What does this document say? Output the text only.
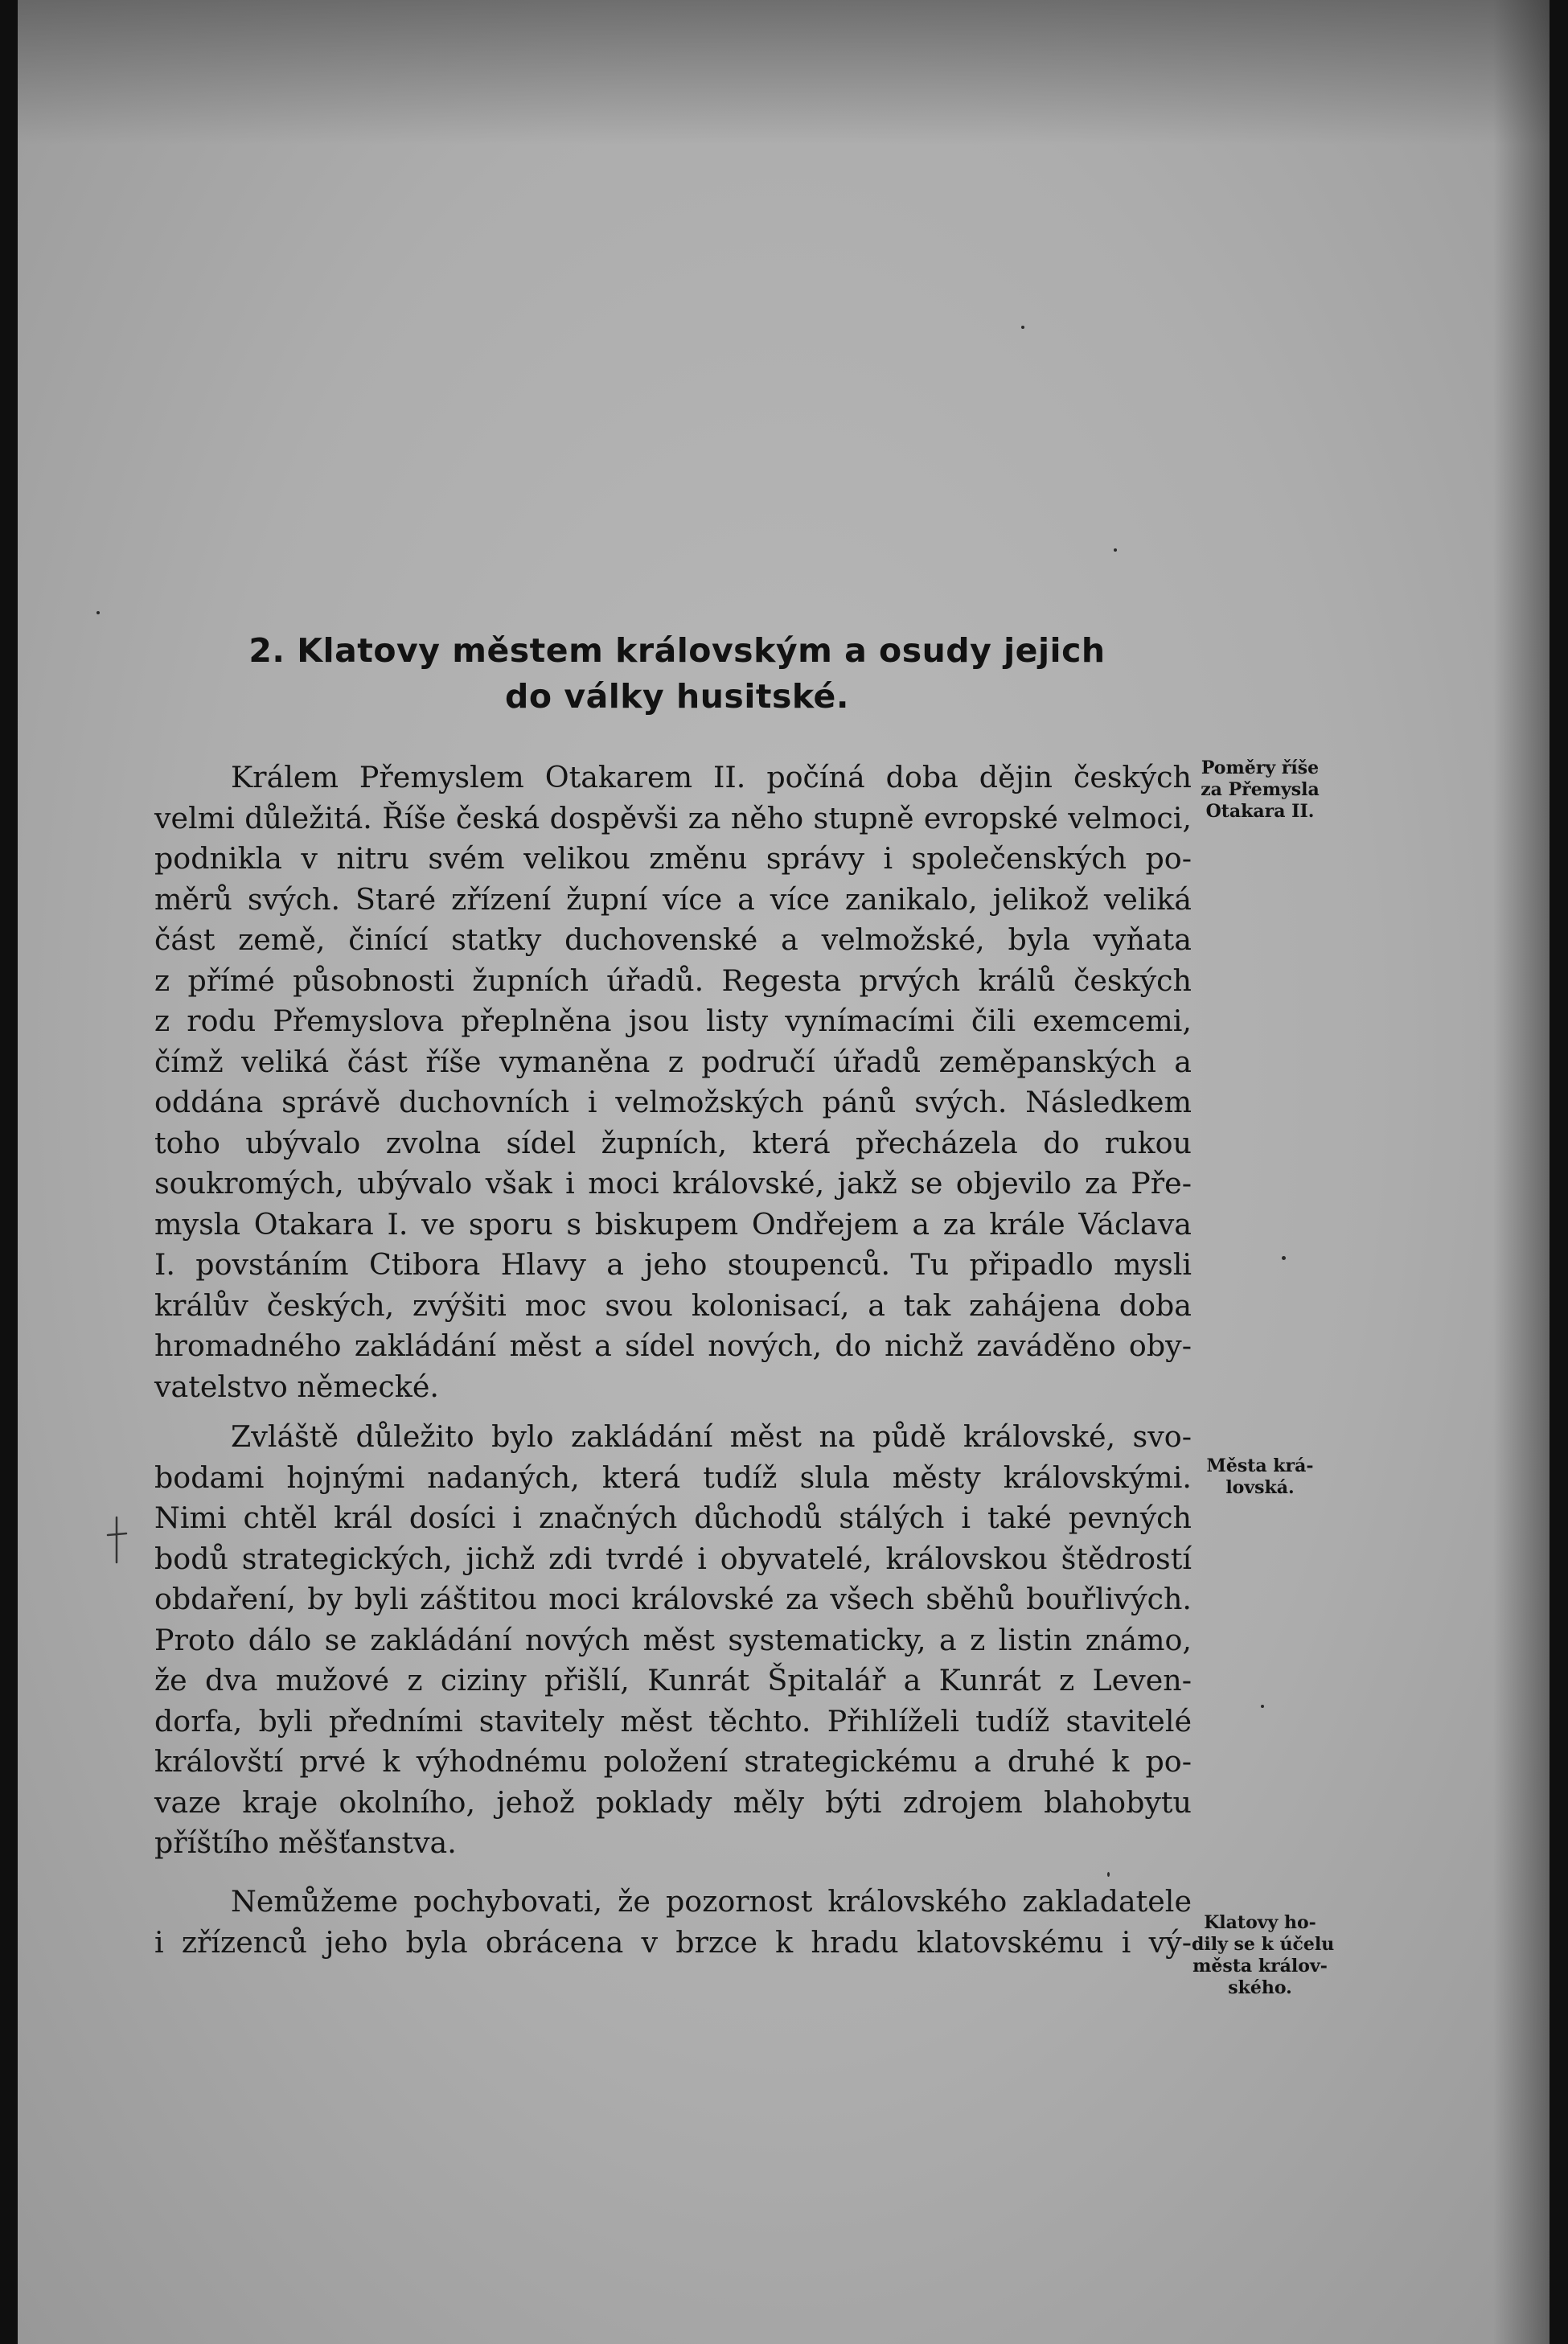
2. Klatovy městem královským a osudy jejich
do války husitské.
Králem Přemyslem Otakarem II. počíná doba dějin českých
velmi důležitá. Říše česká dospěvši za něho stupně evropské velmoci,
podnikla v nitru svém velikou změnu správy i společenských po-
měrů svých. Staré zřízení župní více a více zanikalo, jelikož veliká
část země, činící statky duchovenské a velmožské, byla vyňata
z přímé působnosti župních úřadů. Regesta prvých králů českých
z rodu Přemyslova přeplněna jsou listy vynímacími čili exemcemi,
čímž veliká část říše vymaněna z područí úřadů zeměpanských a
oddána správě duchovních i velmožských pánů svých. Následkem
toho ubývalo zvolna sídel župních, která přecházela do rukou
soukromých, ubývalo však i moci královské, jakž se objevilo za Pře-
mysla Otakara I. ve sporu s biskupem Ondřejem a za krále Václava
I. povstáním Ctibora Hlavy a jeho stoupenců. Tu připadlo mysli
králův českých, zvýšiti moc svou kolonisací, a tak zahájena doba
hromadného zakládání měst a sídel nových, do nichž zaváděno oby-
vatelstvo německé.
Zvláště důležito bylo zakládání měst na půdě královské, svo-
bodami hojnými nadaných, která tudíž slula městy královskými.
Nimi chtěl král dosíci i značných důchodů stálých i také pevných
bodů strategických, jichž zdi tvrdé i obyvatelé, královskou štědrostí
obdaření, by byli záštitou moci královské za všech sběhů bouřlivých.
Proto dálo se zakládání nových měst systematicky, a z listin známo,
že dva mužové z ciziny přišlí, Kunrát Špitalář a Kunrát z Leven-
dorfa, byli předními stavitely měst těchto. Přihlíželi tudíž stavitelé
královští prvé k výhodnému položení strategickému a druhé k po-
vaze kraje okolního, jehož poklady měly býti zdrojem blahobytu
příštího měšťanstva.
Nemůžeme pochybovati, že pozornost královského zakladatele
i zřízenců jeho byla obrácena v brzce k hradu klatovskému i vý-
Poměry říše
za Přemysla
Otakara II.
Města krá-
lovská.
Klatovy ho-
dily se k účelu
města králov-
ského.
